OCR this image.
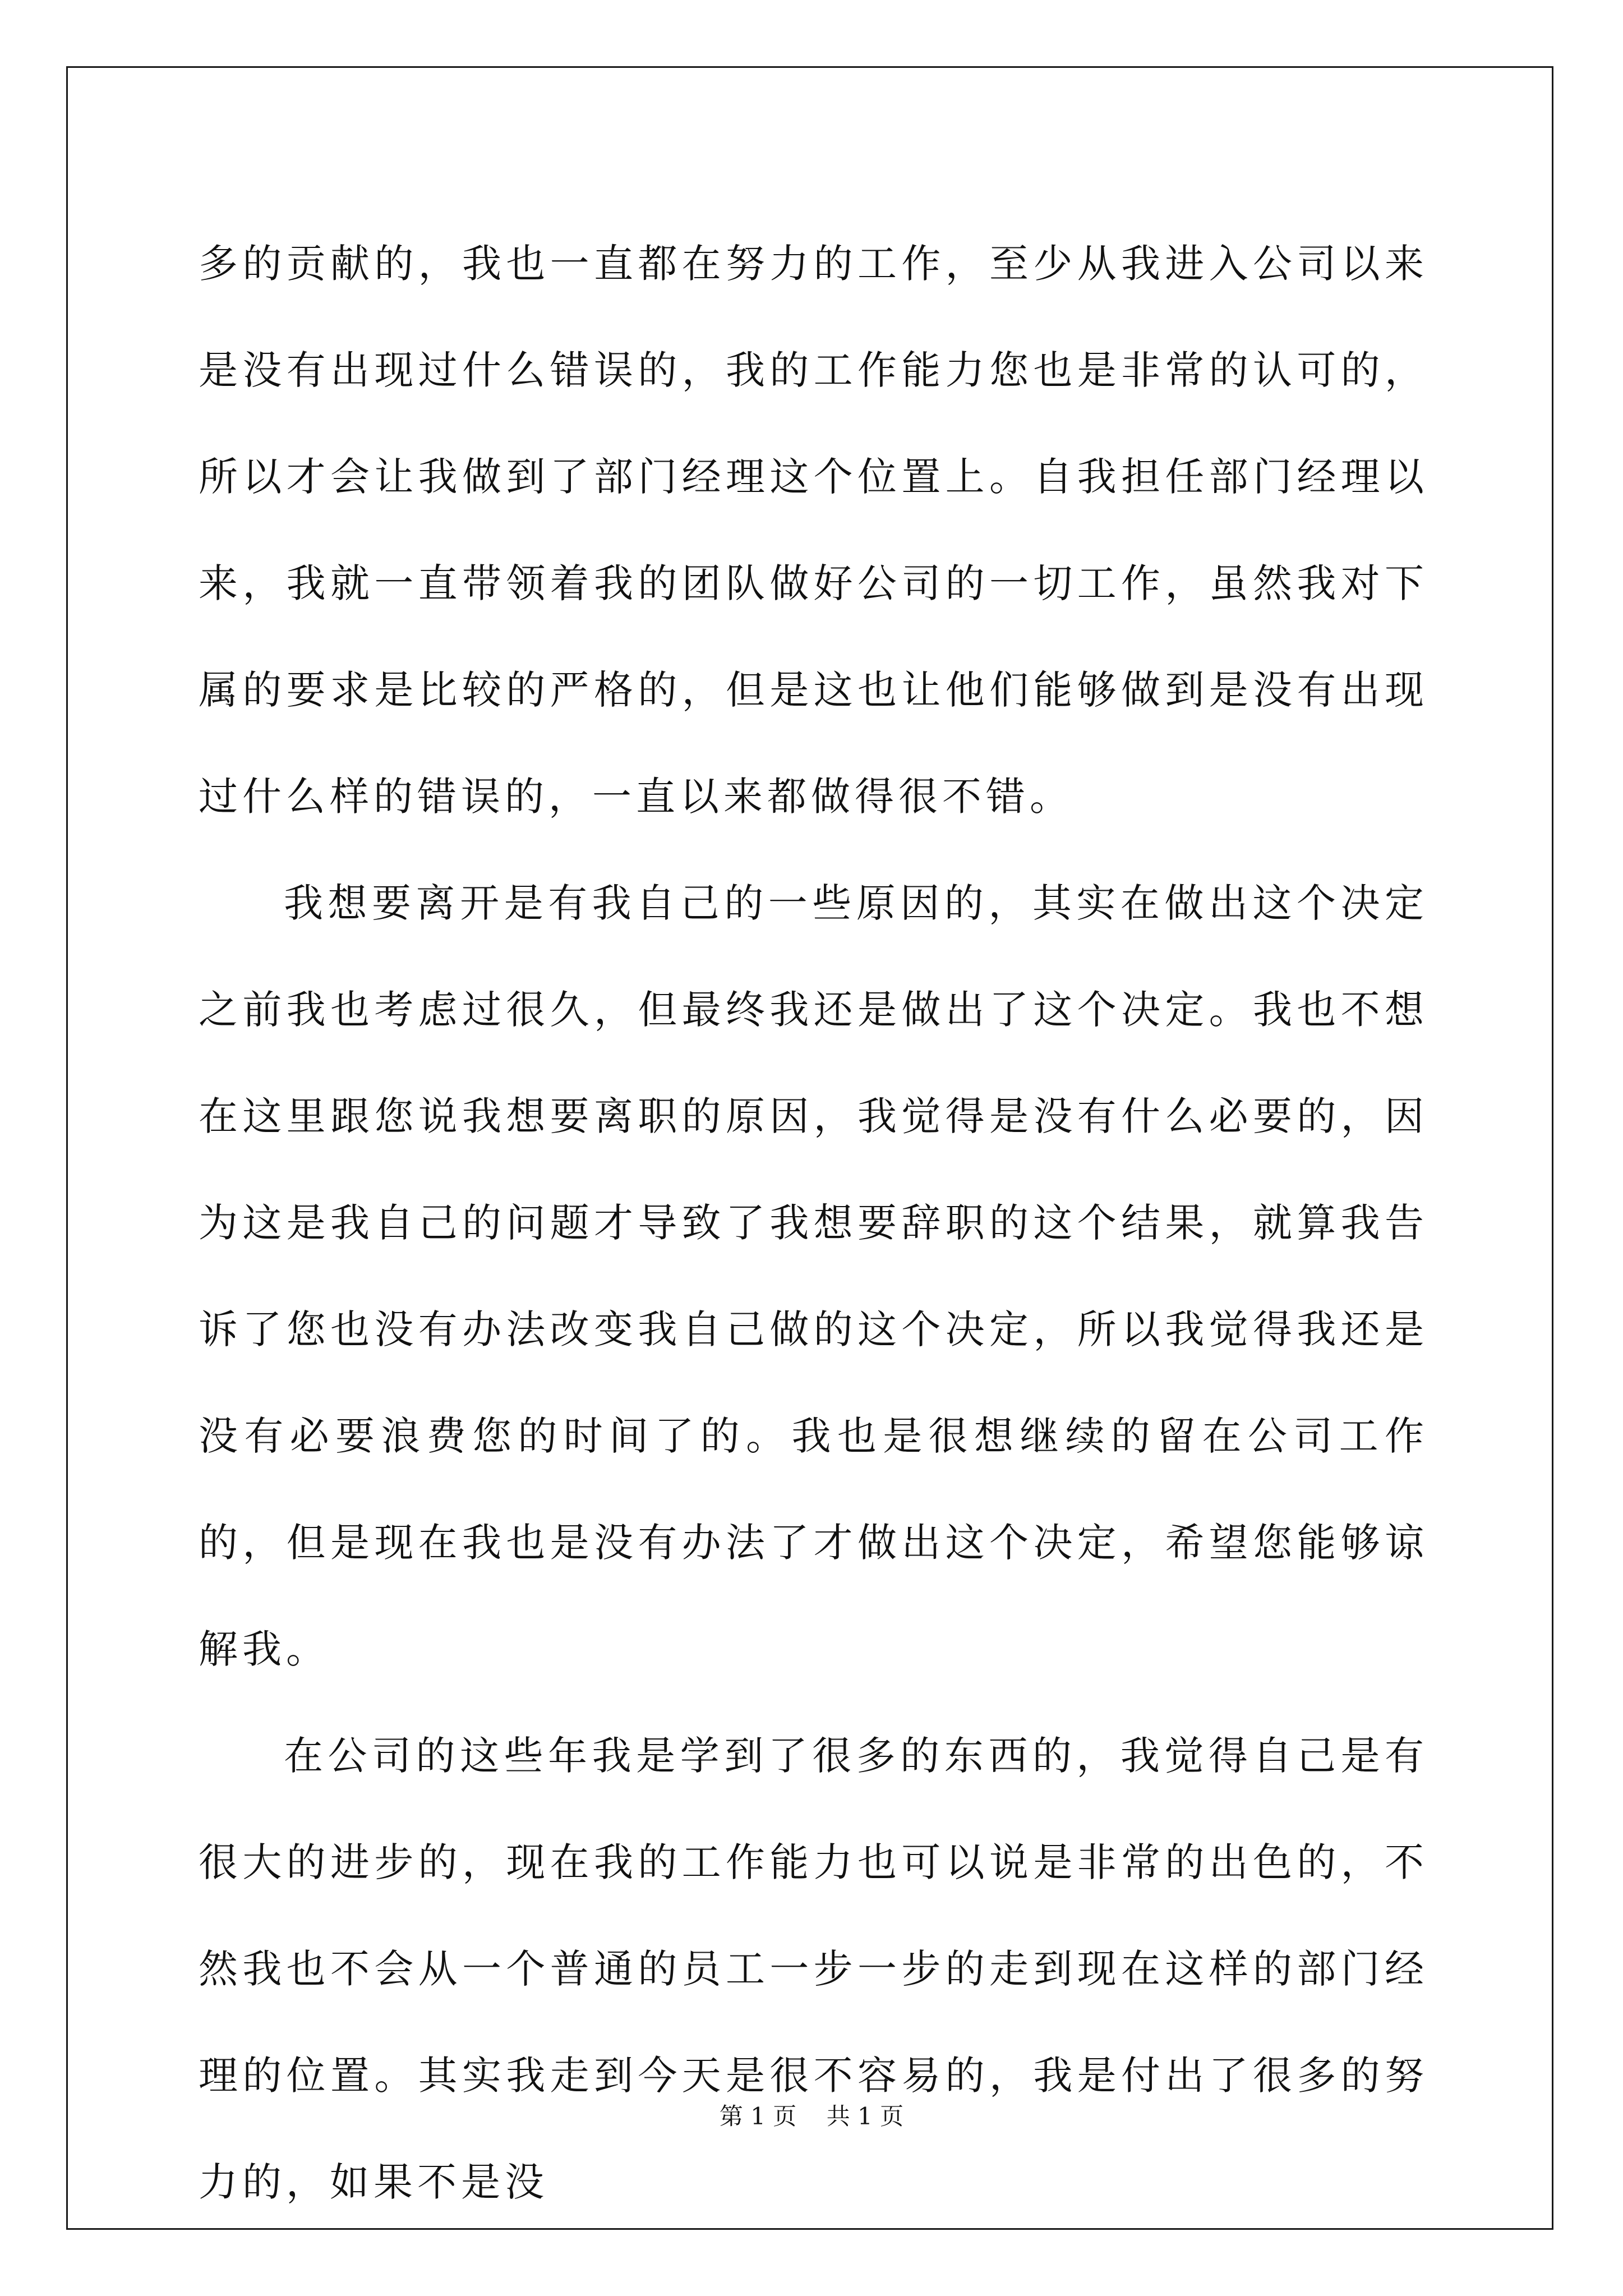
多的贡献的，我也一直都在努力的工作，至少从我进入公司以来是没有出现过什么错误的，我的工作能力您也是非常的认可的，所以才会让我做到了部门经理这个位置上。自我担任部门经理以来，我就一直带领着我的团队做好公司的一切工作，虽然我对下属的要求是比较的严格的，但是这也让他们能够做到是没有出现过什么样的错误的，一直以来都做得很不错。

我想要离开是有我自己的一些原因的，其实在做出这个决定之前我也考虑过很久，但最终我还是做出了这个决定。我也不想在这里跟您说我想要离职的原因，我觉得是没有什么必要的，因为这是我自己的问题才导致了我想要辞职的这个结果，就算我告诉了您也没有办法改变我自己做的这个决定，所以我觉得我还是没有必要浪费您的时间了的。我也是很想继续的留在公司工作的，但是现在我也是没有办法了才做出这个决定，希望您能够谅解我。

在公司的这些年我是学到了很多的东西的，我觉得自己是有很大的进步的，现在我的工作能力也可以说是非常的出色的，不然我也不会从一个普通的员工一步一步的走到现在这样的部门经理的位置。其实我走到今天是很不容易的，我是付出了很多的努力的，如果不是没

第 1 页    共 1 页
